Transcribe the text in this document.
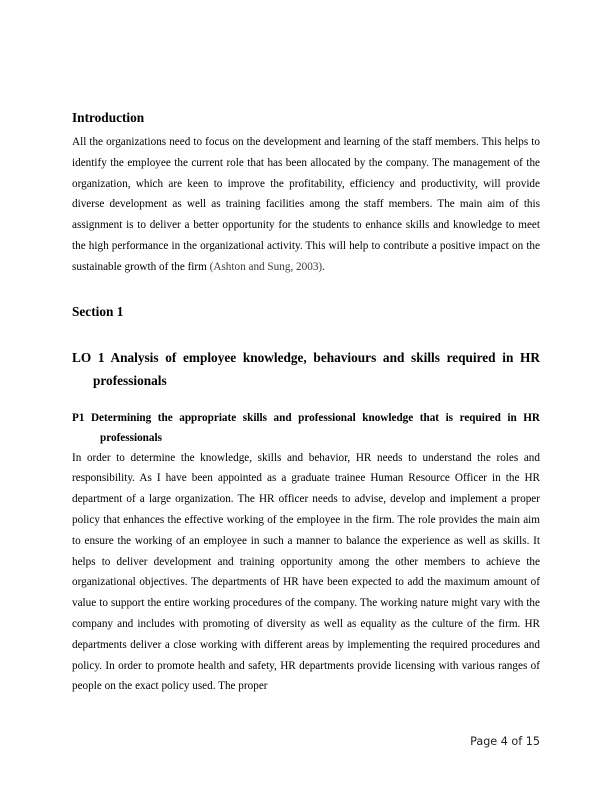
Introduction

All the organizations need to focus on the development and learning of the staff members. This helps to identify the employee the current role that has been allocated by the company. The management of the organization, which are keen to improve the profitability, efficiency and productivity, will provide diverse development as well as training facilities among the staff members. The main aim of this assignment is to deliver a better opportunity for the students to enhance skills and knowledge to meet the high performance in the organizational activity. This will help to contribute a positive impact on the sustainable growth of the firm (Ashton and Sung, 2003).

Section 1
LO 1 Analysis of employee knowledge, behaviours and skills required in HR professionals
P1 Determining the appropriate skills and professional knowledge that is required in HR professionals

In order to determine the knowledge, skills and behavior, HR needs to understand the roles and responsibility. As I have been appointed as a graduate trainee Human Resource Officer in the HR department of a large organization. The HR officer needs to advise, develop and implement a proper policy that enhances the effective working of the employee in the firm. The role provides the main aim to ensure the working of an employee in such a manner to balance the experience as well as skills. It helps to deliver development and training opportunity among the other members to achieve the organizational objectives. The departments of HR have been expected to add the maximum amount of value to support the entire working procedures of the company. The working nature might vary with the company and includes with promoting of diversity as well as equality as the culture of the firm. HR departments deliver a close working with different areas by implementing the required procedures and policy. In order to promote health and safety, HR departments provide licensing with various ranges of people on the exact policy used. The proper

Page 4 of 15
